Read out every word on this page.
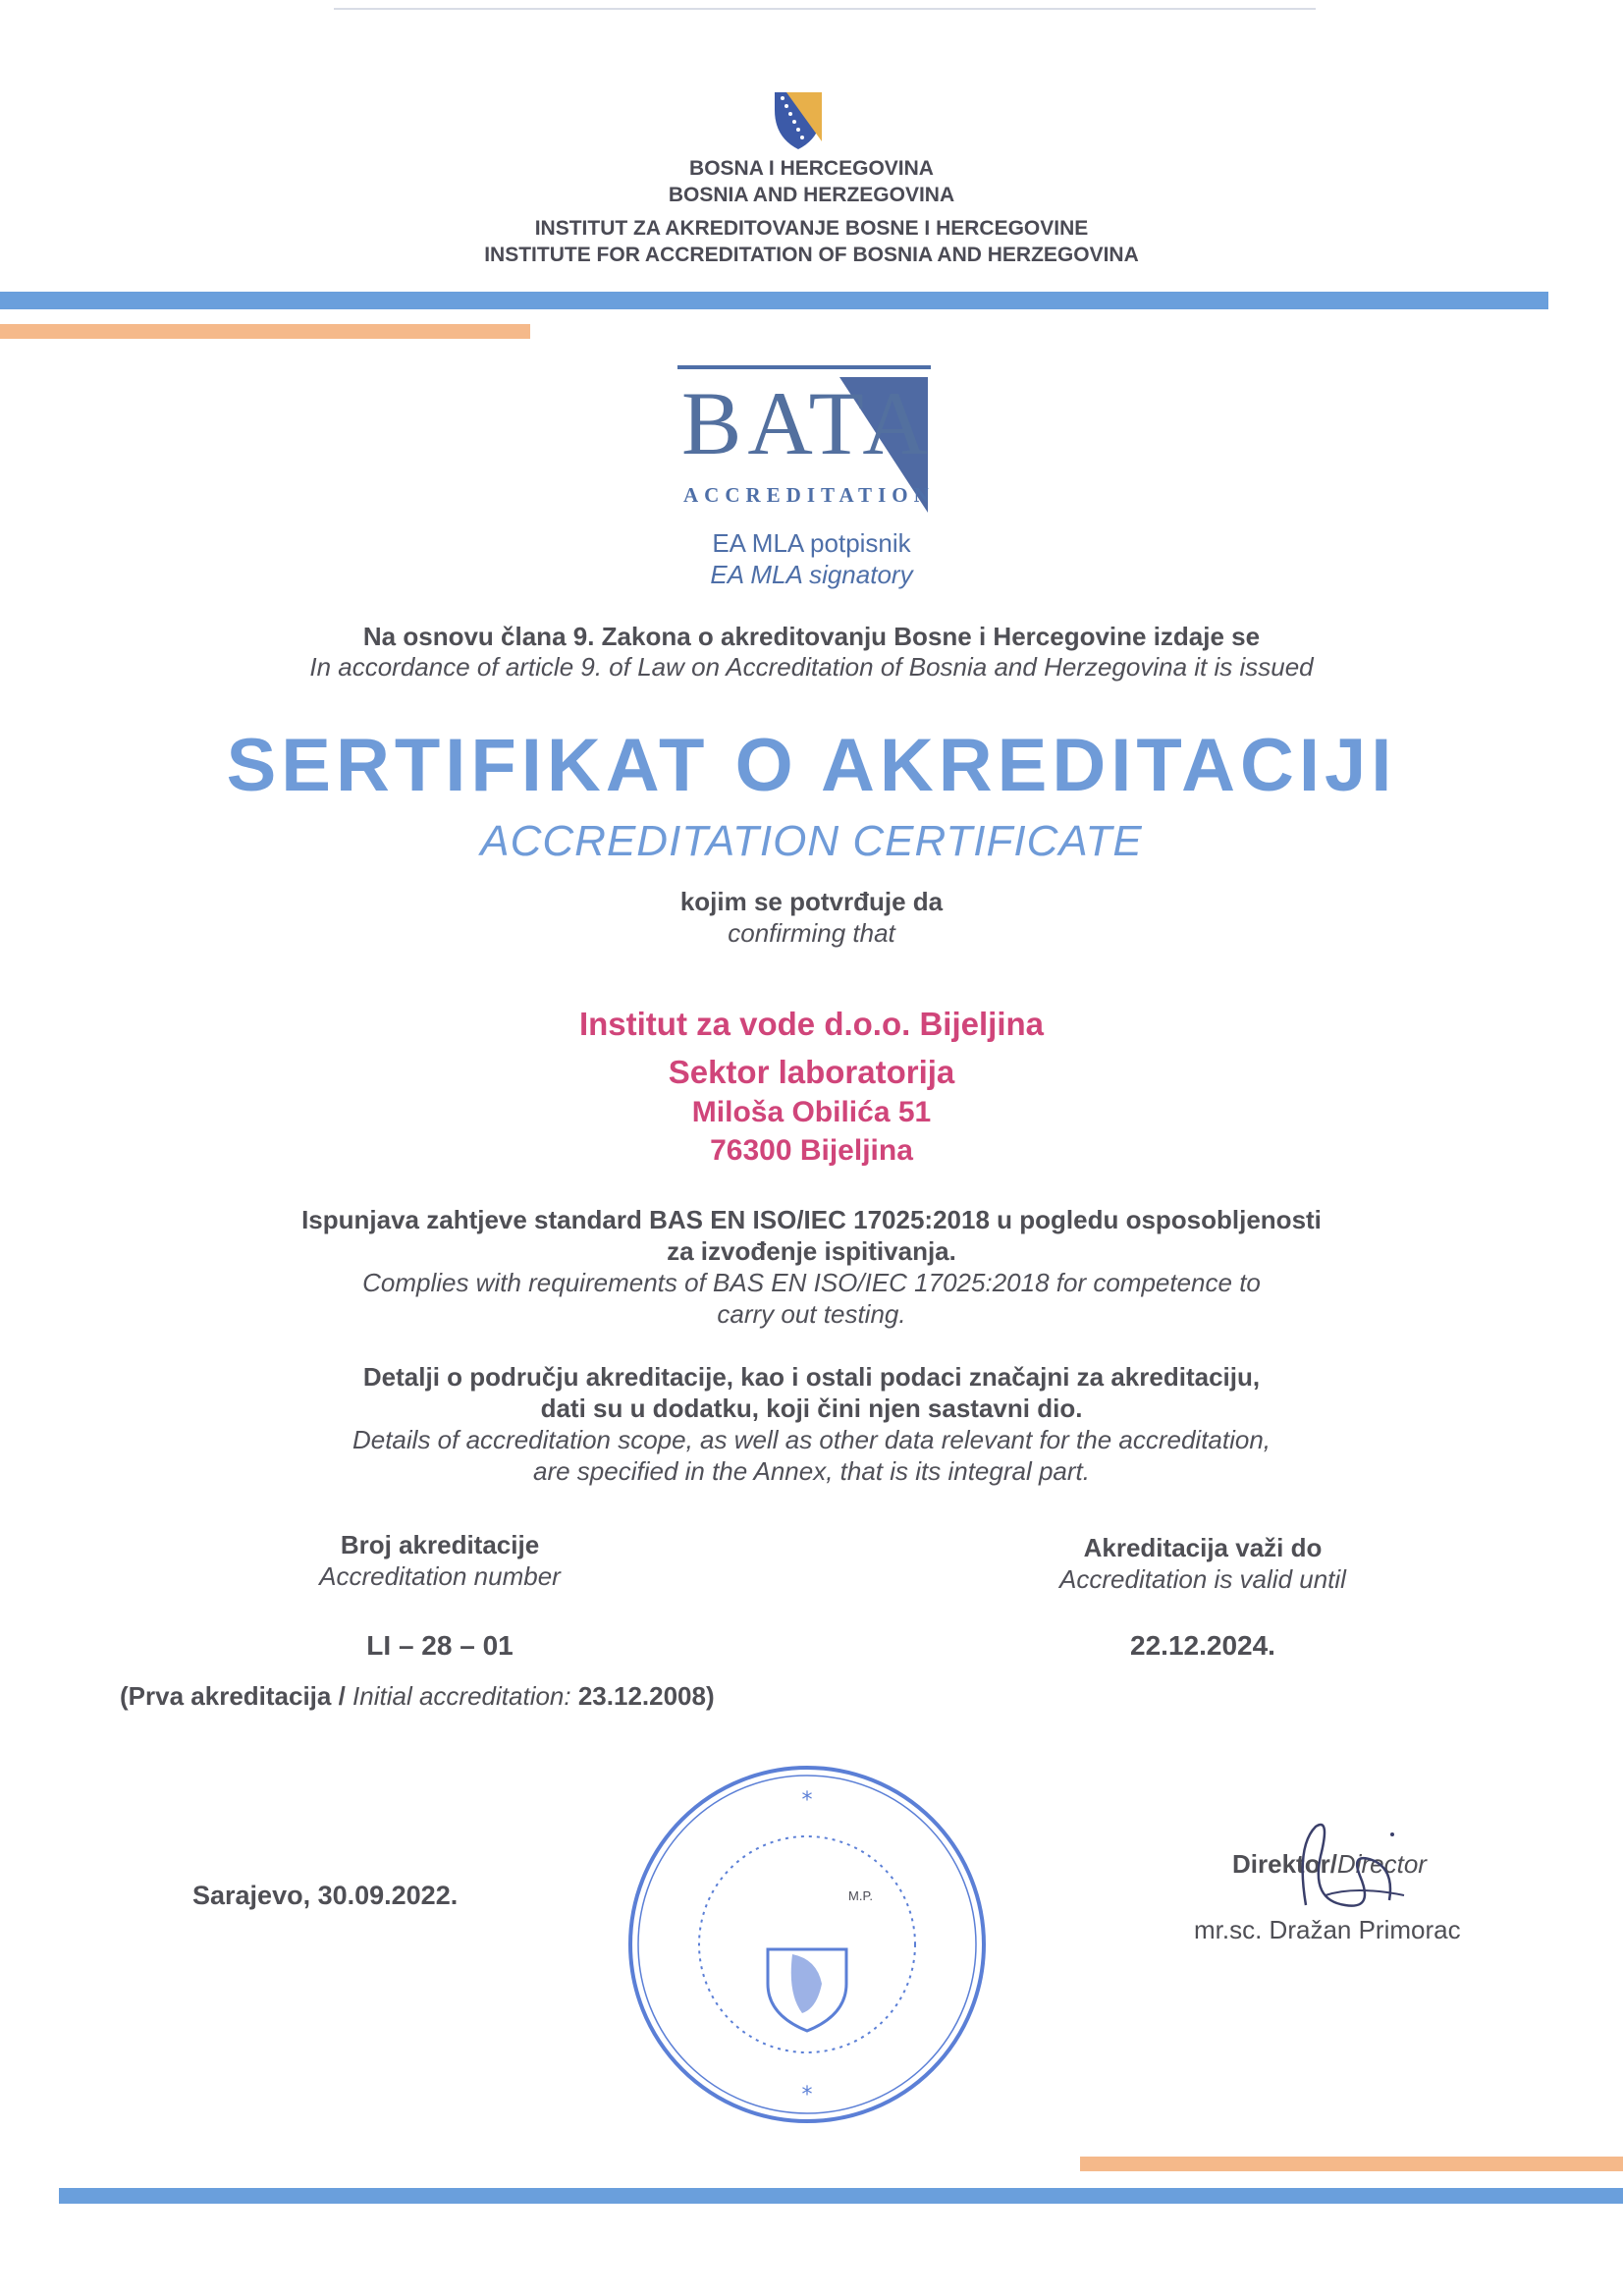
BOSNA I HERCEGOVINA
BOSNIA AND HERZEGOVINA
INSTITUT ZA AKREDITOVANJE BOSNE I HERCEGOVINE
INSTITUTE FOR ACCREDITATION OF BOSNIA AND HERZEGOVINA
BATA
ACCREDITATION
EA MLA potpisnik
EA MLA signatory
Na osnovu člana 9. Zakona o akreditovanju Bosne i Hercegovine izdaje se
In accordance of article 9. of Law on Accreditation of Bosnia and Herzegovina it is issued
SERTIFIKAT O AKREDITACIJI
ACCREDITATION CERTIFICATE
kojim se potvrđuje da
confirming that
Institut za vode d.o.o. Bijeljina
Sektor laboratorija
Miloša Obilića 51
76300 Bijeljina
Ispunjava zahtjeve standard BAS EN ISO/IEC 17025:2018 u pogledu osposobljenosti
za izvođenje ispitivanja.
Complies with requirements of BAS EN ISO/IEC 17025:2018 for competence to
carry out testing.
Detalji o području akreditacije, kao i ostali podaci značajni za akreditaciju,
dati su u dodatku, koji čini njen sastavni dio.
Details of accreditation scope, as well as other data relevant for the accreditation,
are specified in the Annex, that is its integral part.
Broj akreditacije
Accreditation number
LI – 28 – 01
Akreditacija važi do
Accreditation is valid until
22.12.2024.
(Prva akreditacija / Initial accreditation: 23.12.2008)
Sarajevo, 30.09.2022.
*
*
M.P.
Direktor/Director
mr.sc. Dražan Primorac
